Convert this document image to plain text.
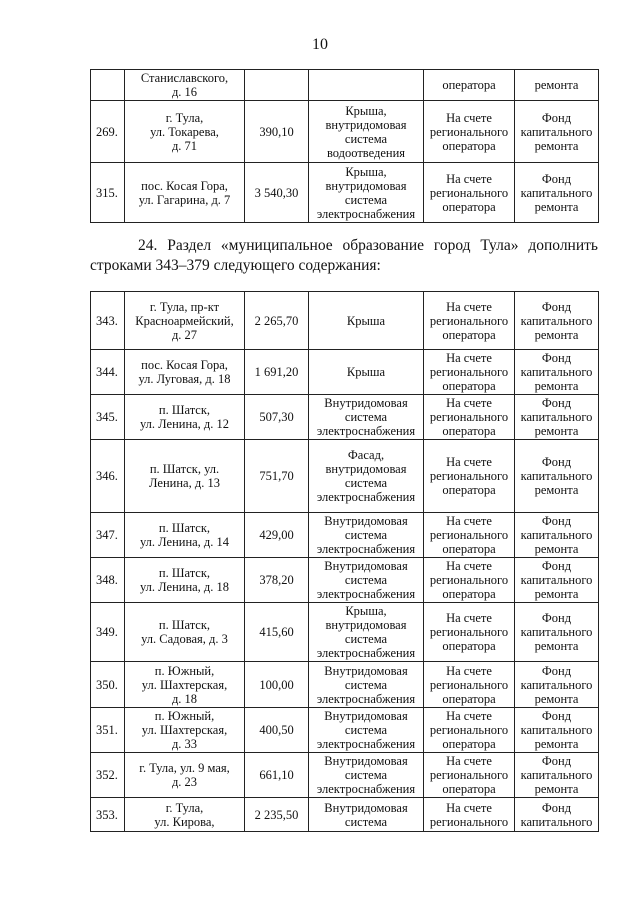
10

	Станиславского,
д. 16			оператора	ремонта

269.	г. Тула,
ул. Токарева,
д. 71	390,10	Крыша,
внутридомовая
система
водоотведения	На счете
регионального
оператора	Фонд
капитального
ремонта

315.	пос. Косая Гора,
ул. Гагарина, д. 7	3 540,30	Крыша,
внутридомовая
система
электроснабжения	На счете
регионального
оператора	Фонд
капитального
ремонта
24. Раздел «муниципальное образование город Тула» дополнить
строками 343–379 следующего содержания:
343.	г. Тула, пр-кт
Красноармейский,
д. 27	2 265,70	Крыша	На счете
регионального
оператора	Фонд
капитального
ремонта

344.	пос. Косая Гора,
ул. Луговая, д. 18	1 691,20	Крыша	На счете
регионального
оператора	Фонд
капитального
ремонта

345.	п. Шатск,
ул. Ленина, д. 12	507,30	Внутридомовая
система
электроснабжения	На счете
регионального
оператора	Фонд
капитального
ремонта

346.	п. Шатск, ул.
Ленина, д. 13	751,70	Фасад,
внутридомовая
система
электроснабжения	На счете
регионального
оператора	Фонд
капитального
ремонта

347.	п. Шатск,
ул. Ленина, д. 14	429,00	Внутридомовая
система
электроснабжения	На счете
регионального
оператора	Фонд
капитального
ремонта

348.	п. Шатск,
ул. Ленина, д. 18	378,20	Внутридомовая
система
электроснабжения	На счете
регионального
оператора	Фонд
капитального
ремонта

349.	п. Шатск,
ул. Садовая, д. 3	415,60	Крыша,
внутридомовая
система
электроснабжения	На счете
регионального
оператора	Фонд
капитального
ремонта

350.	п. Южный,
ул. Шахтерская,
д. 18	100,00	Внутридомовая
система
электроснабжения	На счете
регионального
оператора	Фонд
капитального
ремонта

351.	п. Южный,
ул. Шахтерская,
д. 33	400,50	Внутридомовая
система
электроснабжения	На счете
регионального
оператора	Фонд
капитального
ремонта

352.	г. Тула, ул. 9 мая,
д. 23	661,10	Внутридомовая
система
электроснабжения	На счете
регионального
оператора	Фонд
капитального
ремонта

353.	г. Тула,
ул. Кирова,	2 235,50	Внутридомовая
система	На счете
регионального	Фонд
капитального
